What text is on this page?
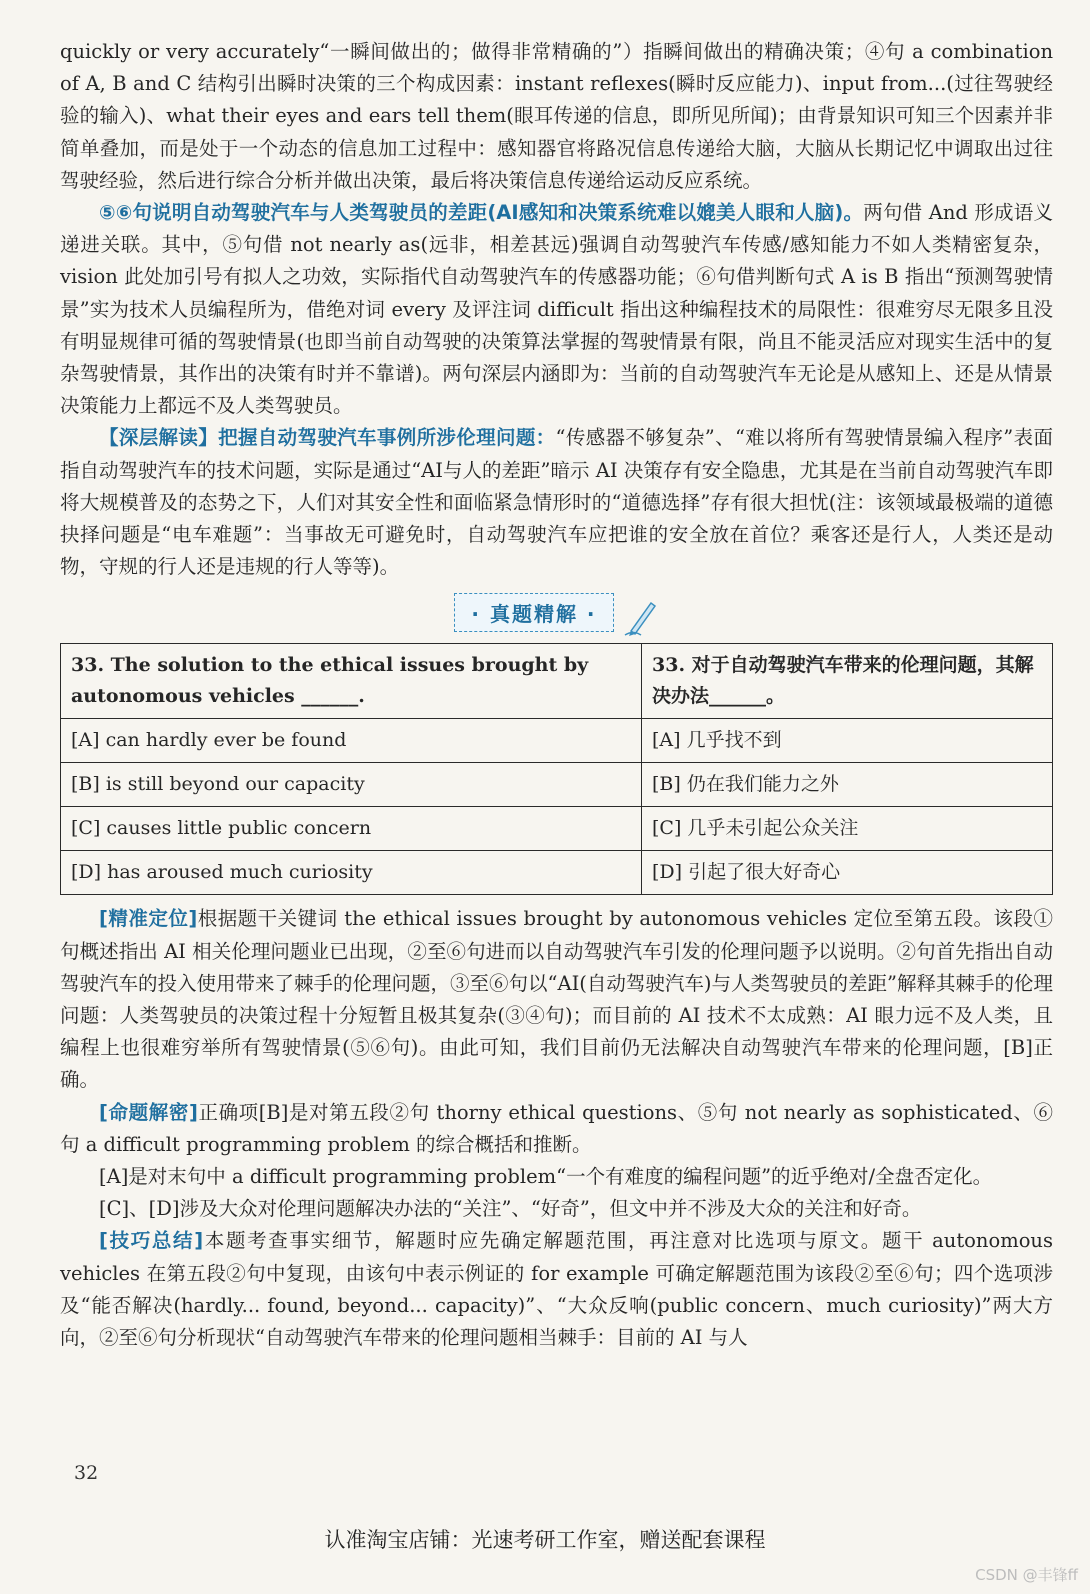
quickly or very accurately“一瞬间做出的；做得非常精确的”）指瞬间做出的精确决策；④句 a combination of A, B and C 结构引出瞬时决策的三个构成因素：instant reflexes(瞬时反应能力)、input from...(过往驾驶经验的输入)、what their eyes and ears tell them(眼耳传递的信息，即所见所闻)；由背景知识可知三个因素并非简单叠加，而是处于一个动态的信息加工过程中：感知器官将路况信息传递给大脑，大脑从长期记忆中调取出过往驾驶经验，然后进行综合分析并做出决策，最后将决策信息传递给运动反应系统。

⑤⑥句说明自动驾驶汽车与人类驾驶员的差距(AI感知和决策系统难以媲美人眼和人脑)。两句借 And 形成语义递进关联。其中，⑤句借 not nearly as(远非，相差甚远)强调自动驾驶汽车传感/感知能力不如人类精密复杂，vision 此处加引号有拟人之功效，实际指代自动驾驶汽车的传感器功能；⑥句借判断句式 A is B 指出“预测驾驶情景”实为技术人员编程所为，借绝对词 every 及评注词 difficult 指出这种编程技术的局限性：很难穷尽无限多且没有明显规律可循的驾驶情景(也即当前自动驾驶的决策算法掌握的驾驶情景有限，尚且不能灵活应对现实生活中的复杂驾驶情景，其作出的决策有时并不靠谱)。两句深层内涵即为：当前的自动驾驶汽车无论是从感知上、还是从情景决策能力上都远不及人类驾驶员。

【深层解读】把握自动驾驶汽车事例所涉伦理问题：“传感器不够复杂”、“难以将所有驾驶情景编入程序”表面指自动驾驶汽车的技术问题，实际是通过“AI与人的差距”暗示 AI 决策存有安全隐患，尤其是在当前自动驾驶汽车即将大规模普及的态势之下，人们对其安全性和面临紧急情形时的“道德选择”存有很大担忧(注：该领域最极端的道德抉择问题是“电车难题”：当事故无可避免时，自动驾驶汽车应把谁的安全放在首位？乘客还是行人，人类还是动物，守规的行人还是违规的行人等等)。

· 真题精解 ·
33. The solution to the ethical issues brought by autonomous vehicles ______.	33. 对于自动驾驶汽车带来的伦理问题，其解决办法______。
[A] can hardly ever be found	[A] 几乎找不到
[B] is still beyond our capacity	[B] 仍在我们能力之外
[C] causes little public concern	[C] 几乎未引起公众关注
[D] has aroused much curiosity	[D] 引起了很大好奇心

[精准定位]根据题干关键词 the ethical issues brought by autonomous vehicles 定位至第五段。该段①句概述指出 AI 相关伦理问题业已出现，②至⑥句进而以自动驾驶汽车引发的伦理问题予以说明。②句首先指出自动驾驶汽车的投入使用带来了棘手的伦理问题，③至⑥句以“AI(自动驾驶汽车)与人类驾驶员的差距”解释其棘手的伦理问题：人类驾驶员的决策过程十分短暂且极其复杂(③④句)；而目前的 AI 技术不太成熟：AI 眼力远不及人类，且编程上也很难穷举所有驾驶情景(⑤⑥句)。由此可知，我们目前仍无法解决自动驾驶汽车带来的伦理问题，[B]正确。

[命题解密]正确项[B]是对第五段②句 thorny ethical questions、⑤句 not nearly as sophisticated、⑥句 a difficult programming problem 的综合概括和推断。

[A]是对末句中 a difficult programming problem“一个有难度的编程问题”的近乎绝对/全盘否定化。

[C]、[D]涉及大众对伦理问题解决办法的“关注”、“好奇”，但文中并不涉及大众的关注和好奇。

[技巧总结]本题考查事实细节，解题时应先确定解题范围，再注意对比选项与原文。题干 autonomous vehicles 在第五段②句中复现，由该句中表示例证的 for example 可确定解题范围为该段②至⑥句；四个选项涉及“能否解决(hardly... found, beyond... capacity)”、“大众反响(public concern、much curiosity)”两大方向，②至⑥句分析现状“自动驾驶汽车带来的伦理问题相当棘手：目前的 AI 与人

32
认准淘宝店铺：光速考研工作室，赠送配套课程
CSDN @丰锋ff
